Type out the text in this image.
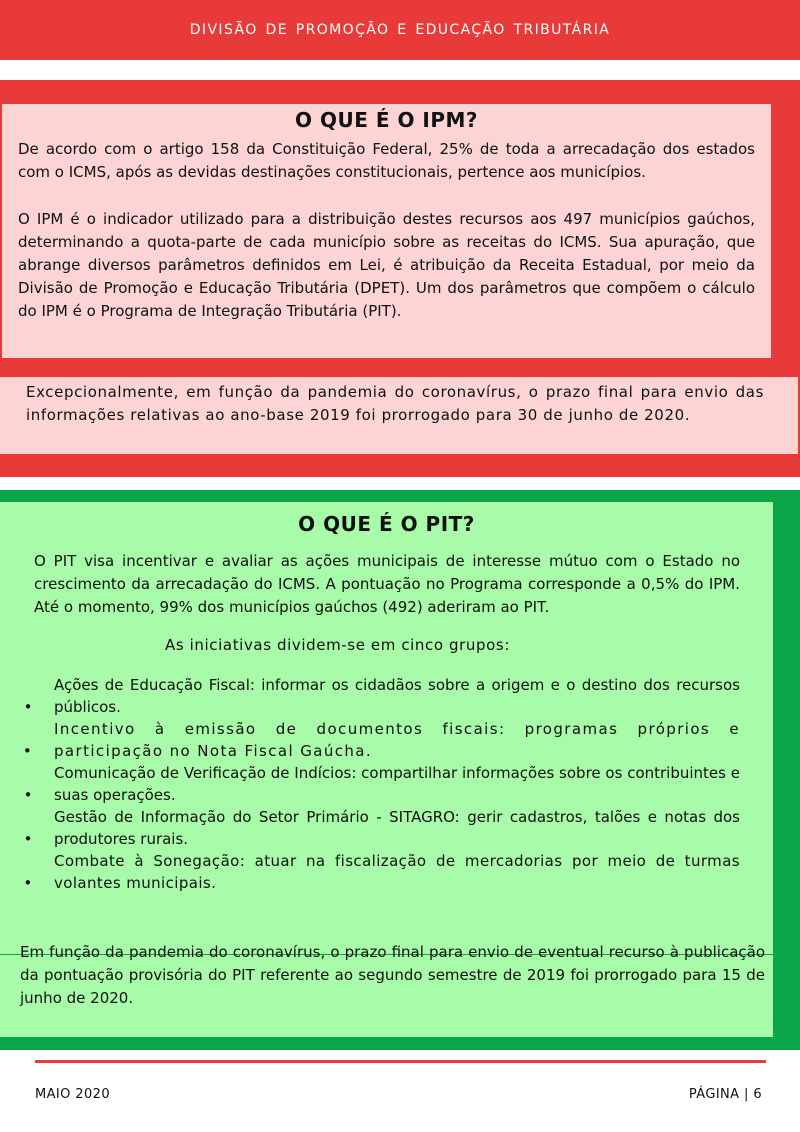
DIVISÃO DE PROMOÇÃO E EDUCAÇÃO TRIBUTÁRIA
O QUE É O IPM?
De acordo com o artigo 158 da Constituição Federal, 25% de toda a arrecadação dos estados com o ICMS, após as devidas destinações constitucionais, pertence aos municípios.
O IPM é o indicador utilizado para a distribuição destes recursos aos 497 municípios gaúchos, determinando a quota-parte de cada município sobre as receitas do ICMS. Sua apuração, que abrange diversos parâmetros definidos em Lei, é atribuição da Receita Estadual, por meio da Divisão de Promoção e Educação Tributária (DPET). Um dos parâmetros que compõem o cálculo do IPM é o Programa de Integração Tributária (PIT).
Excepcionalmente, em função da pandemia do coronavírus, o prazo final para envio das informações relativas ao ano-base 2019 foi prorrogado para 30 de junho de 2020.
O QUE É O PIT?
O PIT visa incentivar e avaliar as ações municipais de interesse mútuo com o Estado no crescimento da arrecadação do ICMS. A pontuação no Programa corresponde a 0,5% do IPM. Até o momento, 99% dos municípios gaúchos (492) aderiram ao PIT.
As iniciativas dividem-se em cinco grupos:
•
Ações de Educação Fiscal: informar os cidadãos sobre a origem e o destino dos recursos públicos.
•
Incentivo à emissão de documentos fiscais: programas próprios e participação no Nota Fiscal Gaúcha.
•
Comunicação de Verificação de Indícios: compartilhar informações sobre os contribuintes e suas operações.
•
Gestão de Informação do Setor Primário - SITAGRO: gerir cadastros, talões e notas dos produtores rurais.
•
Combate à Sonegação: atuar na fiscalização de mercadorias por meio de turmas volantes municipais.
Em função da pandemia do coronavírus, o prazo final para envio de eventual recurso à publicação da pontuação provisória do PIT referente ao segundo semestre de 2019 foi prorrogado para 15 de junho de 2020.
MAIO 2020	PÁGINA | 6
